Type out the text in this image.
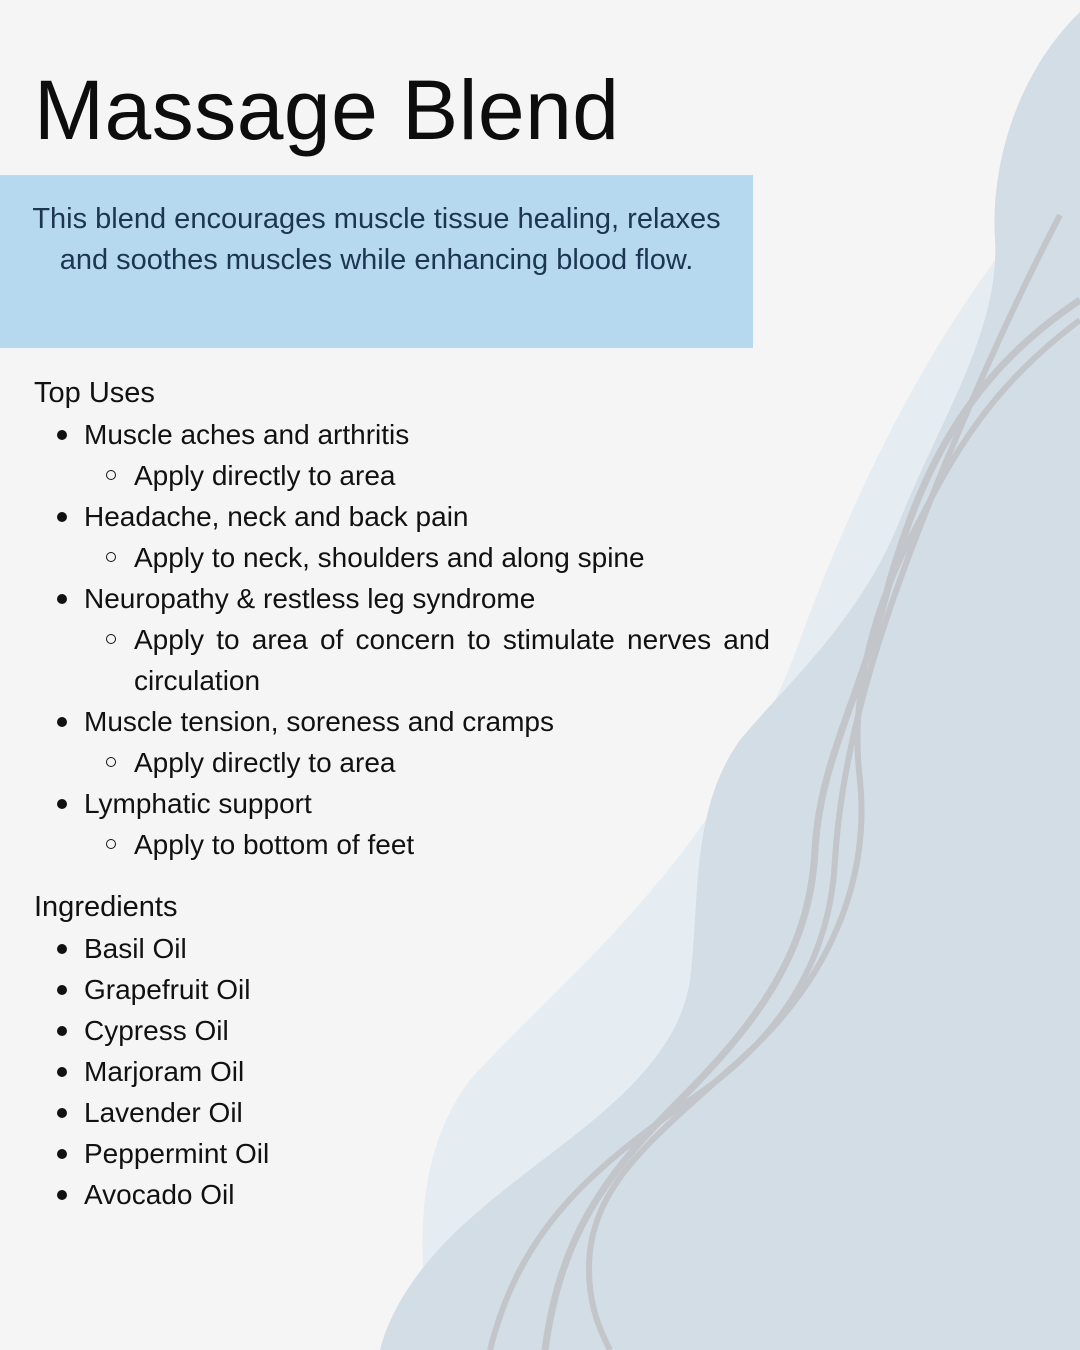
Massage Blend

This blend encourages muscle tissue healing, relaxes and soothes muscles while enhancing blood flow.

Top Uses
Muscle aches and arthritis
Apply directly to area
Headache, neck and back pain
Apply to neck, shoulders and along spine
Neuropathy & restless leg syndrome
Apply to area of concern to stimulate nerves and circulation
Muscle tension, soreness and cramps
Apply directly to area
Lymphatic support
Apply to bottom of feet
Ingredients
Basil Oil
Grapefruit Oil
Cypress Oil
Marjoram Oil
Lavender Oil
Peppermint Oil
Avocado Oil
